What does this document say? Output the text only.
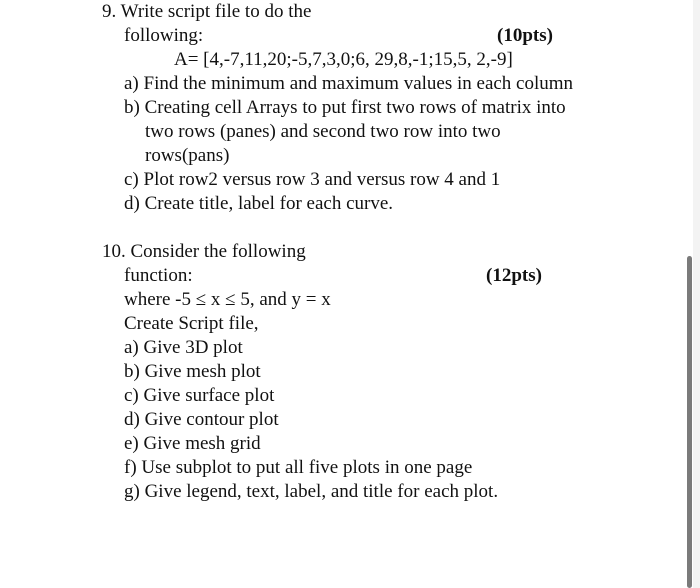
9. Write script file to do the
following:	(10pts)
A= [4,-7,11,20;-5,7,3,0;6, 29,8,-1;15,5, 2,-9]
a) Find the minimum and maximum values in each column
b) Creating cell Arrays to put first two rows of matrix into
two rows (panes) and second two row into two
rows(pans)
c) Plot row2 versus row 3 and versus row 4 and 1
d) Create title, label for each curve.
10. Consider the following
function:	(12pts)
where -5 ≤ x ≤ 5, and y = x
Create Script file,
a) Give 3D plot
b) Give mesh plot
c) Give surface plot
d) Give contour plot
e) Give mesh grid
f) Use subplot to put all five plots in one page
g) Give legend, text, label, and title for each plot.
